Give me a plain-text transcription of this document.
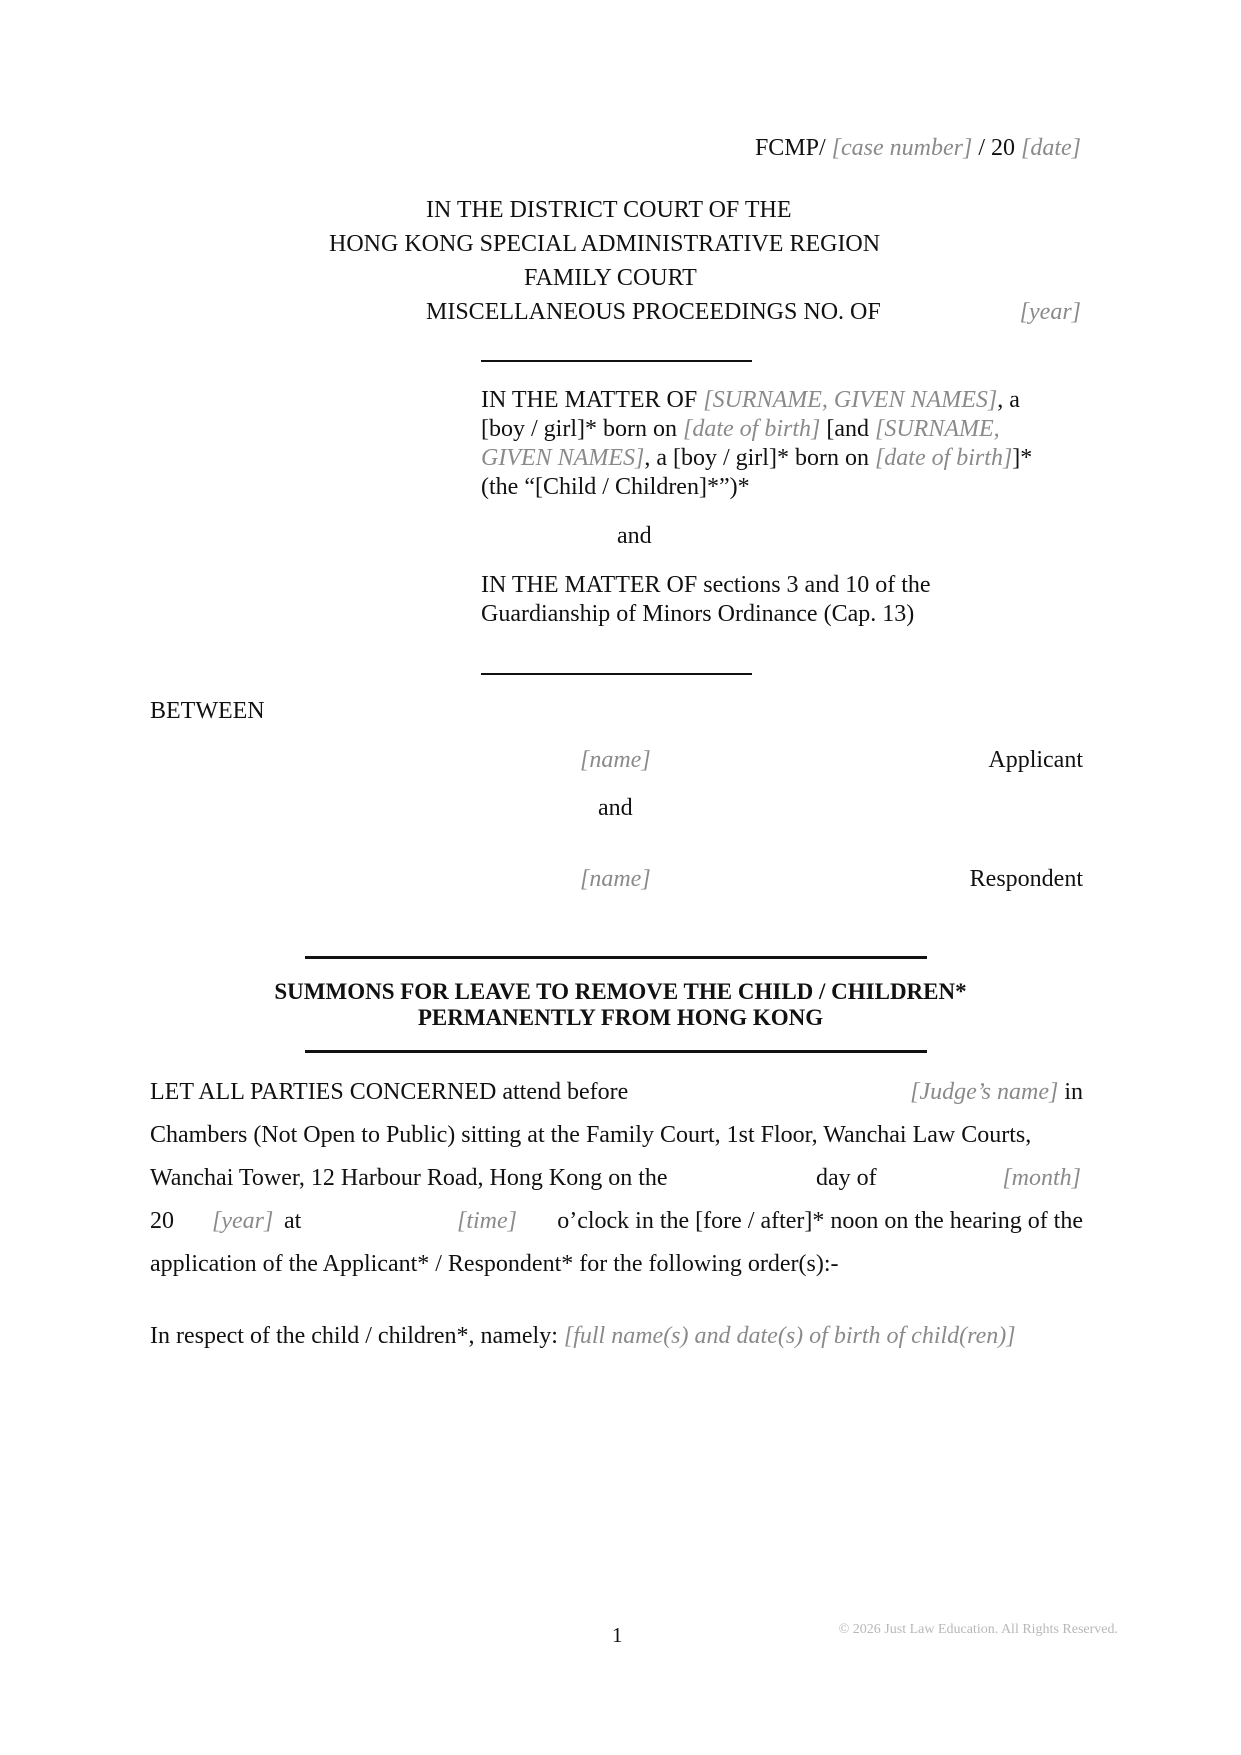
FCMP/ [case number] / 20 [date]
IN THE DISTRICT COURT OF THE
HONG KONG SPECIAL ADMINISTRATIVE REGION
FAMILY COURT
MISCELLANEOUS PROCEEDINGS NO. OF	[year]
IN THE MATTER OF [SURNAME, GIVEN NAMES], a
[boy / girl]* born on [date of birth] [and [SURNAME,
GIVEN NAMES], a [boy / girl]* born on [date of birth]]*
(the “[Child / Children]*”)*
and
IN THE MATTER OF sections 3 and 10 of the
Guardianship of Minors Ordinance (Cap. 13)
BETWEEN
[name]	Applicant
and
[name]	Respondent
SUMMONS FOR LEAVE TO REMOVE THE CHILD / CHILDREN*
PERMANENTLY FROM HONG KONG
LET ALL PARTIES CONCERNED attend before	[Judge’s name] in
Chambers (Not Open to Public) sitting at the Family Court, 1st Floor, Wanchai Law Courts,
Wanchai Tower, 12 Harbour Road, Hong Kong on the	day of	[month]
20 [year] at	[time] o’clock in the [fore / after]* noon on the hearing of the
application of the Applicant* / Respondent* for the following order(s):-
In respect of the child / children*, namely: [full name(s) and date(s) of birth of child(ren)]
1	© 2026 Just Law Education. All Rights Reserved.
